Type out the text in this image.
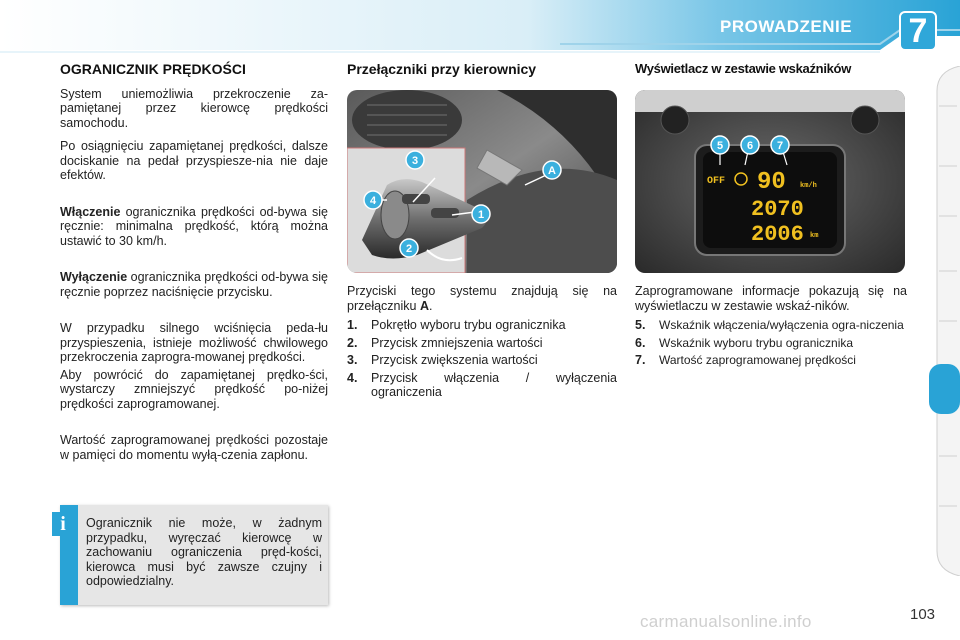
PROWADZENIE	7
OGRANICZNIK PRĘDKOŚCI

System uniemożliwia przekroczenie za-pamiętanej przez kierowcę prędkości samochodu.

Po osiągnięciu zapamiętanej prędkości, dalsze dociskanie na pedał przyspiesze-nia nie daje efektów.

Włączenie ogranicznika prędkości od-bywa się ręcznie: minimalna prędkość, którą można ustawić to 30 km/h.

Wyłączenie ogranicznika prędkości od-bywa się ręcznie poprzez naciśnięcie przycisku.

W przypadku silnego wciśnięcia peda-łu przyspieszenia, istnieje możliwość chwilowego przekroczenia zaprogra-mowanej prędkości.

Aby powrócić do zapamiętanej prędko-ści, wystarczy zmniejszyć prędkość po-niżej prędkości zaprogramowanej.

Wartość zaprogramowanej prędkości pozostaje w pamięci do momentu wyłą-czenia zapłonu.

i	Ogranicznik nie może, w żadnym przypadku, wyręczać kierowcę w zachowaniu ograniczenia pręd-kości, kierowca musi być zawsze czujny i odpowiedzialny.
Przełączniki przy kierownicy
3
A
4
1
2

Przyciski tego systemu znajdują się na przełączniku A.

1.	Pokrętło wyboru trybu ogranicznika
2.	Przycisk zmniejszenia wartości
3.	Przycisk zwiększenia wartości
4.	Przycisk włączenia / wyłączenia ograniczenia
Wyświetlacz w zestawie wskaźników
5 6 7
OFF 90 km/h
2070
2006 km

Zaprogramowane informacje pokazują się na wyświetlaczu w zestawie wskaź-ników.

5.	Wskaźnik włączenia/wyłączenia ogra-niczenia
6.	Wskaźnik wyboru trybu ogranicznika
7.	Wartość zaprogramowanej prędkości
carmanualsonline.info	103
